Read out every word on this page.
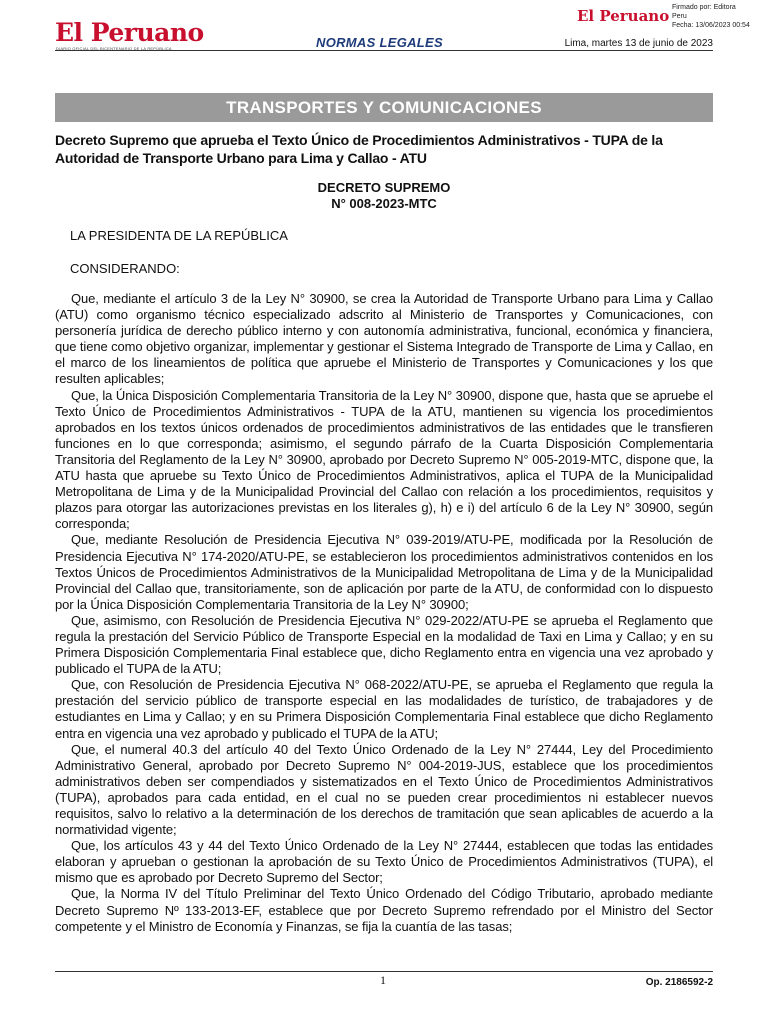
El Peruano
DIARIO OFICIAL DEL BICENTENARIO DE LA REPÚBLICA	NORMAS LEGALES	Lima, martes 13 de junio de 2023
El Peruano Firmado por: Editora
Peru
Fecha: 13/06/2023 00:54
TRANSPORTES Y COMUNICACIONES
Decreto Supremo que aprueba el Texto Único de Procedimientos Administrativos - TUPA de la Autoridad de Transporte Urbano para Lima y Callao - ATU
DECRETO SUPREMO
N° 008-2023-MTC
LA PRESIDENTA DE LA REPÚBLICA
CONSIDERANDO:

Que, mediante el artículo 3 de la Ley N° 30900, se crea la Autoridad de Transporte Urbano para Lima y Callao (ATU) como organismo técnico especializado adscrito al Ministerio de Transportes y Comunicaciones, con personería jurídica de derecho público interno y con autonomía administrativa, funcional, económica y financiera, que tiene como objetivo organizar, implementar y gestionar el Sistema Integrado de Transporte de Lima y Callao, en el marco de los lineamientos de política que apruebe el Ministerio de Transportes y Comunicaciones y los que resulten aplicables;

Que, la Única Disposición Complementaria Transitoria de la Ley N° 30900, dispone que, hasta que se apruebe el Texto Único de Procedimientos Administrativos - TUPA de la ATU, mantienen su vigencia los procedimientos aprobados en los textos únicos ordenados de procedimientos administrativos de las entidades que le transfieren funciones en lo que corresponda; asimismo, el segundo párrafo de la Cuarta Disposición Complementaria Transitoria del Reglamento de la Ley N° 30900, aprobado por Decreto Supremo N° 005-2019-MTC, dispone que, la ATU hasta que apruebe su Texto Único de Procedimientos Administrativos, aplica el TUPA de la Municipalidad Metropolitana de Lima y de la Municipalidad Provincial del Callao con relación a los procedimientos, requisitos y plazos para otorgar las autorizaciones previstas en los literales g), h) e i) del artículo 6 de la Ley N° 30900, según corresponda;

Que, mediante Resolución de Presidencia Ejecutiva N° 039-2019/ATU-PE, modificada por la Resolución de Presidencia Ejecutiva N° 174-2020/ATU-PE, se establecieron los procedimientos administrativos contenidos en los Textos Únicos de Procedimientos Administrativos de la Municipalidad Metropolitana de Lima y de la Municipalidad Provincial del Callao que, transitoriamente, son de aplicación por parte de la ATU, de conformidad con lo dispuesto por la Única Disposición Complementaria Transitoria de la Ley N° 30900;

Que, asimismo, con Resolución de Presidencia Ejecutiva N° 029-2022/ATU-PE se aprueba el Reglamento que regula la prestación del Servicio Público de Transporte Especial en la modalidad de Taxi en Lima y Callao; y en su Primera Disposición Complementaria Final establece que, dicho Reglamento entra en vigencia una vez aprobado y publicado el TUPA de la ATU;

Que, con Resolución de Presidencia Ejecutiva N° 068-2022/ATU-PE, se aprueba el Reglamento que regula la prestación del servicio público de transporte especial en las modalidades de turístico, de trabajadores y de estudiantes en Lima y Callao; y en su Primera Disposición Complementaria Final establece que dicho Reglamento entra en vigencia una vez aprobado y publicado el TUPA de la ATU;

Que, el numeral 40.3 del artículo 40 del Texto Único Ordenado de la Ley N° 27444, Ley del Procedimiento Administrativo General, aprobado por Decreto Supremo N° 004-2019-JUS, establece que los procedimientos administrativos deben ser compendiados y sistematizados en el Texto Único de Procedimientos Administrativos (TUPA), aprobados para cada entidad, en el cual no se pueden crear procedimientos ni establecer nuevos requisitos, salvo lo relativo a la determinación de los derechos de tramitación que sean aplicables de acuerdo a la normatividad vigente;

Que, los artículos 43 y 44 del Texto Único Ordenado de la Ley N° 27444, establecen que todas las entidades elaboran y aprueban o gestionan la aprobación de su Texto Único de Procedimientos Administrativos (TUPA), el mismo que es aprobado por Decreto Supremo del Sector;

Que, la Norma IV del Título Preliminar del Texto Único Ordenado del Código Tributario, aprobado mediante Decreto Supremo Nº 133-2013-EF, establece que por Decreto Supremo refrendado por el Ministro del Sector competente y el Ministro de Economía y Finanzas, se fija la cuantía de las tasas;

1	Op. 2186592-2
